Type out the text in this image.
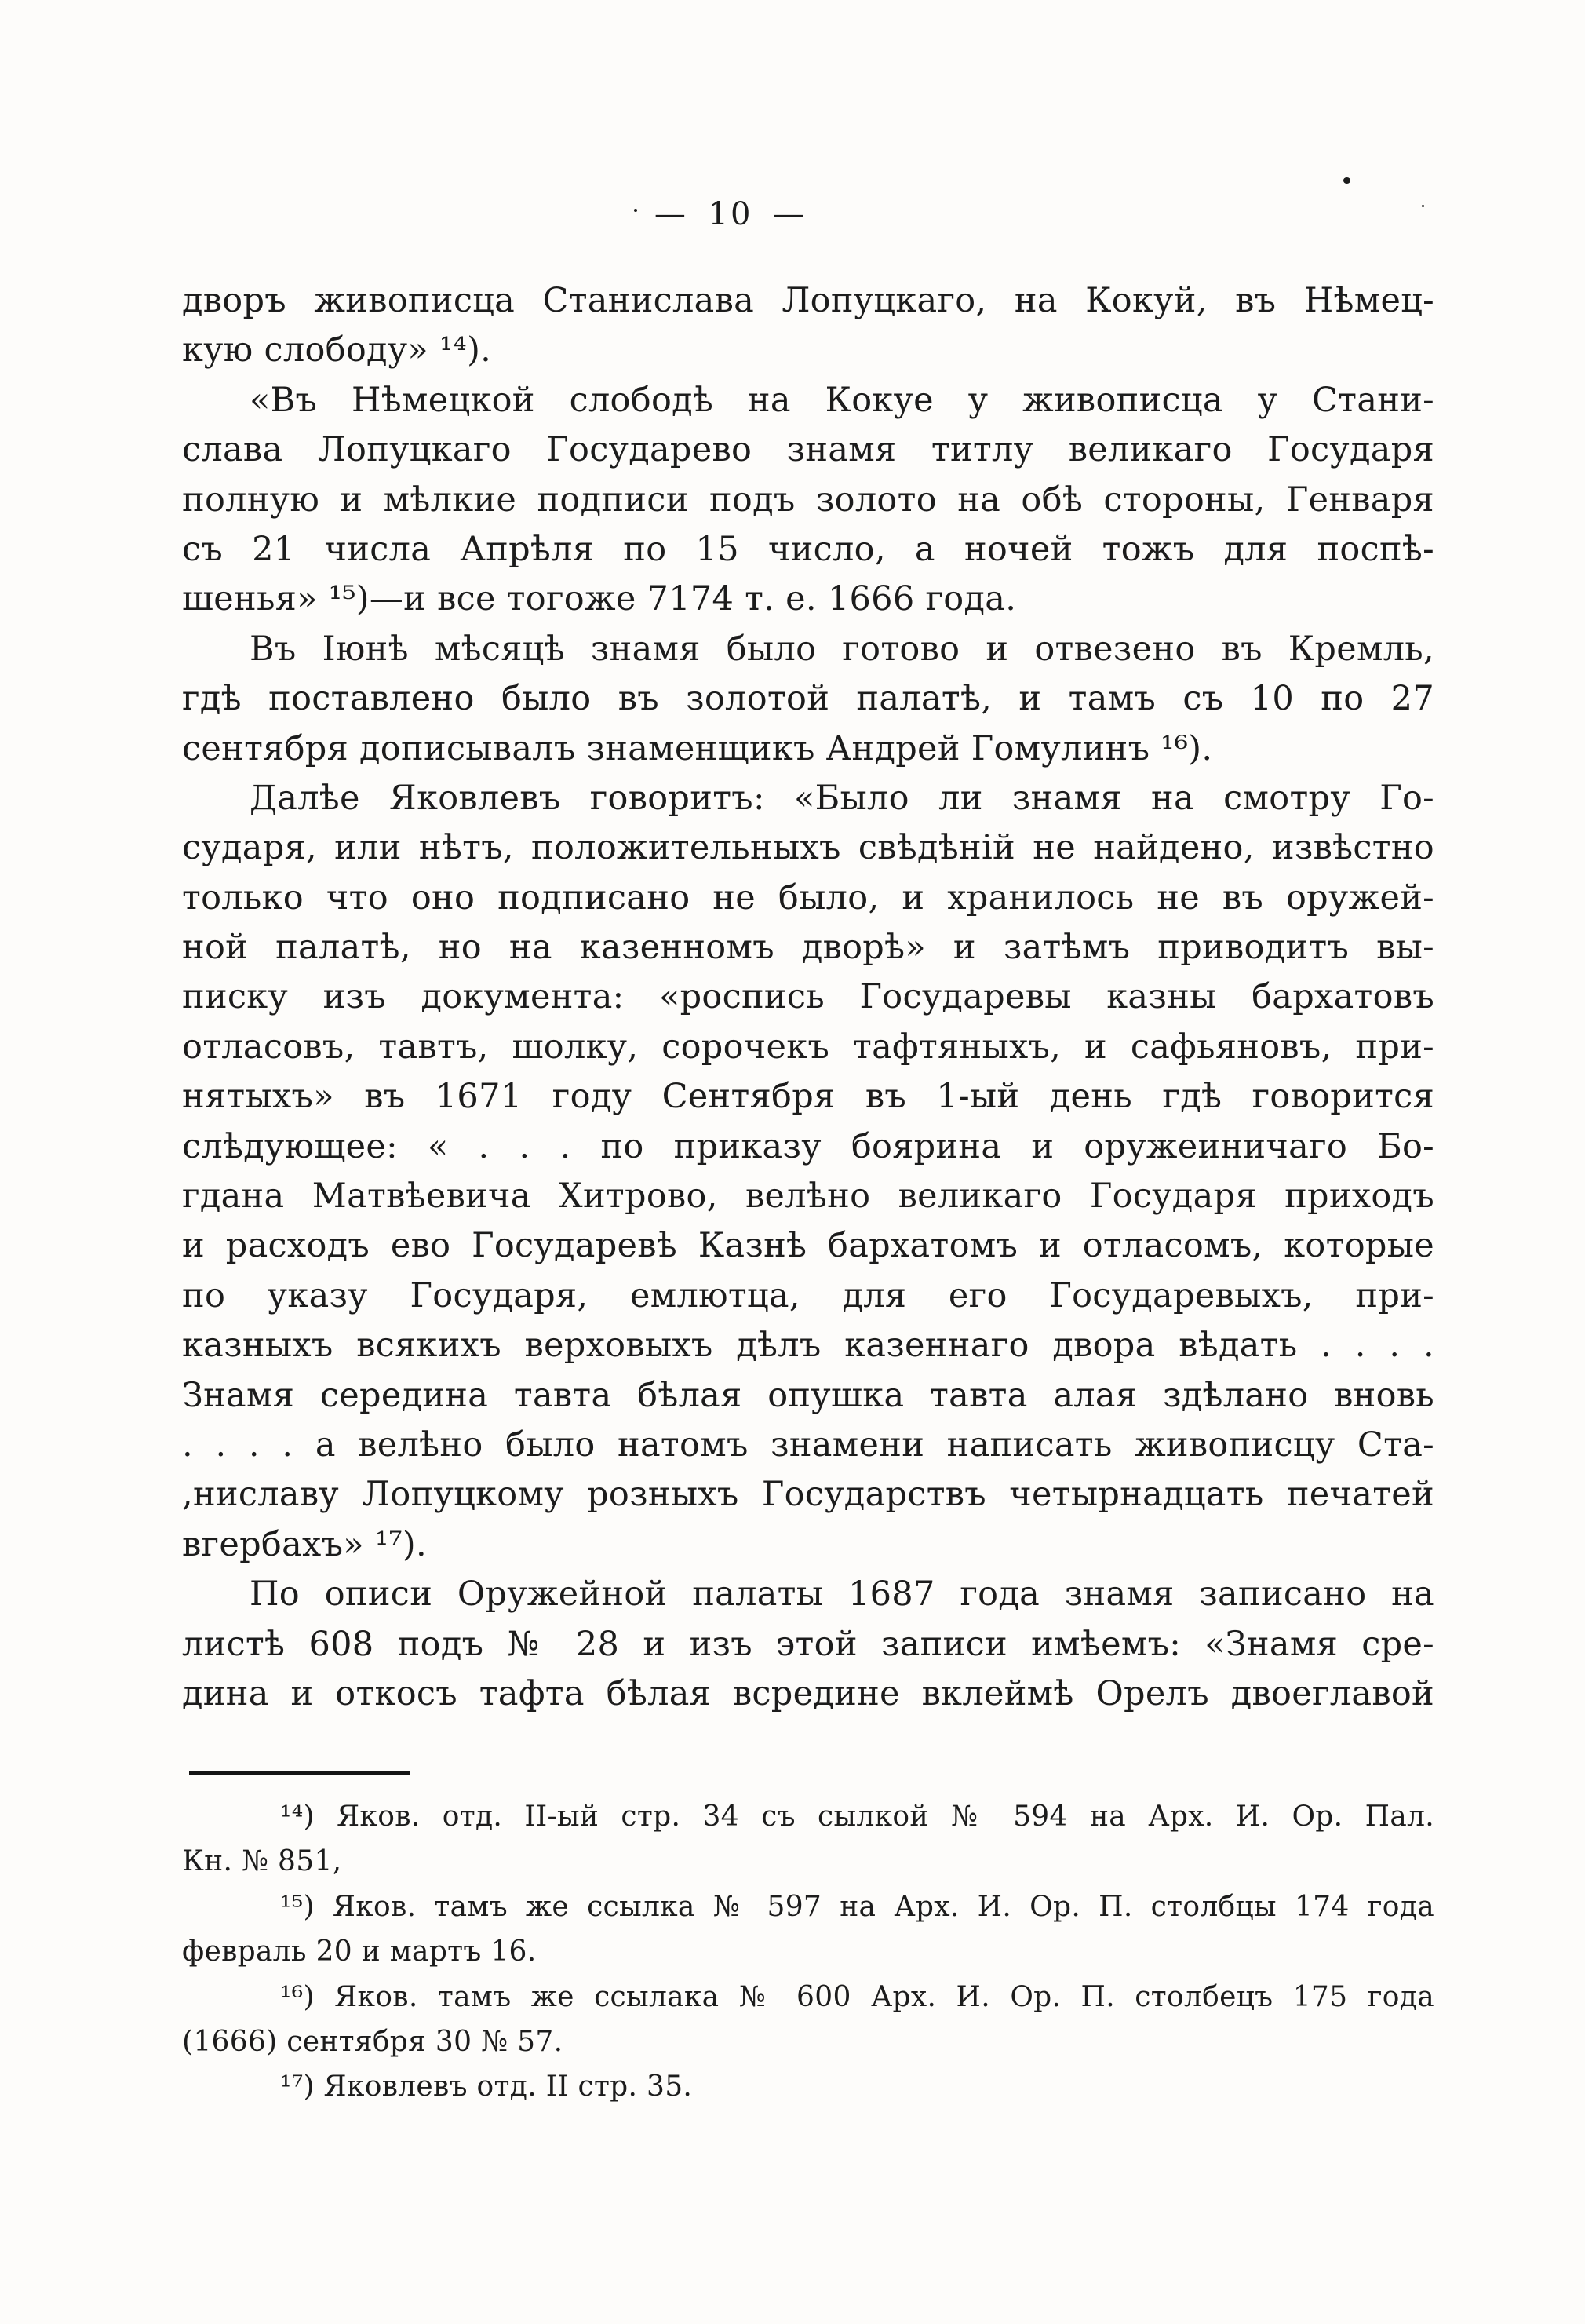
— 10 —
дворъ живописца Станислава Лопуцкаго, на Кокуй, въ Нѣмец-
кую слободу» ¹⁴).
«Въ Нѣмецкой слободѣ на Кокуе у живописца у Стани-
слава Лопуцкаго Государево знамя титлу великаго Государя
полную и мѣлкие подписи подъ золото на обѣ стороны, Генваря
съ 21 числа Апрѣля по 15 число, а ночей тожъ для поспѣ-
шенья» ¹⁵)—и все тогоже 7174 т. е. 1666 года.
Въ Іюнѣ мѣсяцѣ знамя было готово и отвезено въ Кремль,
гдѣ поставлено было въ золотой палатѣ, и тамъ съ 10 по 27
сентября дописывалъ знаменщикъ Андрей Гомулинъ ¹⁶).
Далѣе Яковлевъ говоритъ: «Было ли знамя на смотру Го-
сударя, или нѣтъ, положительныхъ свѣдѣній не найдено, извѣстно
только что оно подписано не было, и хранилось не въ оружей-
ной палатѣ, но на казенномъ дворѣ» и затѣмъ приводитъ вы-
писку изъ документа: «роспись Государевы казны бархатовъ
отласовъ, тавтъ, шолку, сорочекъ тафтяныхъ, и сафьяновъ, при-
нятыхъ» въ 1671 году Сентября въ 1-ый день гдѣ говорится
слѣдующее: « . . . по приказу боярина и оружеиничаго Бо-
гдана Матвѣевича Хитрово, велѣно великаго Государя приходъ
и расходъ ево Государевѣ Казнѣ бархатомъ и отласомъ, которые
по указу Государя, емлютца, для его Государевыхъ, при-
казныхъ всякихъ верховыхъ дѣлъ казеннаго двора вѣдать . . . .
Знамя середина тавта бѣлая опушка тавта алая здѣлано вновь
. . . . а велѣно было натомъ знамени написать живописцу Ста-
,ниславу Лопуцкому розныхъ Государствъ четырнадцать печатей
вгербахъ» ¹⁷).
По описи Оружейной палаты 1687 года знамя записано на
листѣ 608 подъ № 28 и изъ этой записи имѣемъ: «Знамя сре-
дина и откосъ тафта бѣлая всредине вклеймѣ Орелъ двоеглавой
¹⁴) Яков. отд. II-ый стр. 34 съ сылкой № 594 на Арх. И. Ор. Пал.
Кн. № 851,
¹⁵) Яков. тамъ же ссылка № 597 на Арх. И. Ор. П. столбцы 174 года
февраль 20 и мартъ 16.
¹⁶) Яков. тамъ же ссылака № 600 Арх. И. Ор. П. столбецъ 175 года
(1666) сентября 30 № 57.
¹⁷) Яковлевъ отд. II стр. 35.
